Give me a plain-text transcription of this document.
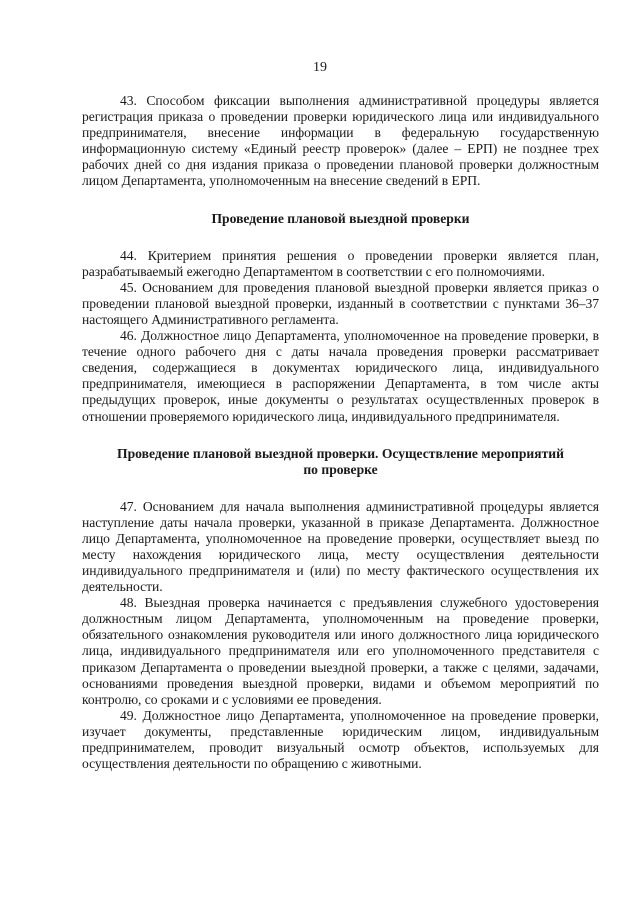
19

43. Способом фиксации выполнения административной процедуры является регистрация приказа о проведении проверки юридического лица или индивидуального предпринимателя, внесение информации в федеральную государственную информационную систему «Единый реестр проверок» (далее – ЕРП) не позднее трех рабочих дней со дня издания приказа о проведении плановой проверки должностным лицом Департамента, уполномоченным на внесение сведений в ЕРП.

Проведение плановой выездной проверки

44. Критерием принятия решения о проведении проверки является план, разрабатываемый ежегодно Департаментом в соответствии с его полномочиями.

45. Основанием для проведения плановой выездной проверки является приказ о проведении плановой выездной проверки, изданный в соответствии с пунктами 36–37 настоящего Административного регламента.

46. Должностное лицо Департамента, уполномоченное на проведение проверки, в течение одного рабочего дня с даты начала проведения проверки рассматривает сведения, содержащиеся в документах юридического лица, индивидуального предпринимателя, имеющиеся в распоряжении Департамента, в том числе акты предыдущих проверок, иные документы о результатах осуществленных проверок в отношении проверяемого юридического лица, индивидуального предпринимателя.

Проведение плановой выездной проверки. Осуществление мероприятий
по проверке

47. Основанием для начала выполнения административной процедуры является наступление даты начала проверки, указанной в приказе Департамента. Должностное лицо Департамента, уполномоченное на проведение проверки, осуществляет выезд по месту нахождения юридического лица, месту осуществления деятельности индивидуального предпринимателя и (или) по месту фактического осуществления их деятельности.

48. Выездная проверка начинается с предъявления служебного удостоверения должностным лицом Департамента, уполномоченным на проведение проверки, обязательного ознакомления руководителя или иного должностного лица юридического лица, индивидуального предпринимателя или его уполномоченного представителя с приказом Департамента о проведении выездной проверки, а также с целями, задачами, основаниями проведения выездной проверки, видами и объемом мероприятий по контролю, со сроками и с условиями ее проведения.

49. Должностное лицо Департамента, уполномоченное на проведение проверки, изучает документы, представленные юридическим лицом, индивидуальным предпринимателем, проводит визуальный осмотр объектов, используемых для осуществления деятельности по обращению с животными.
